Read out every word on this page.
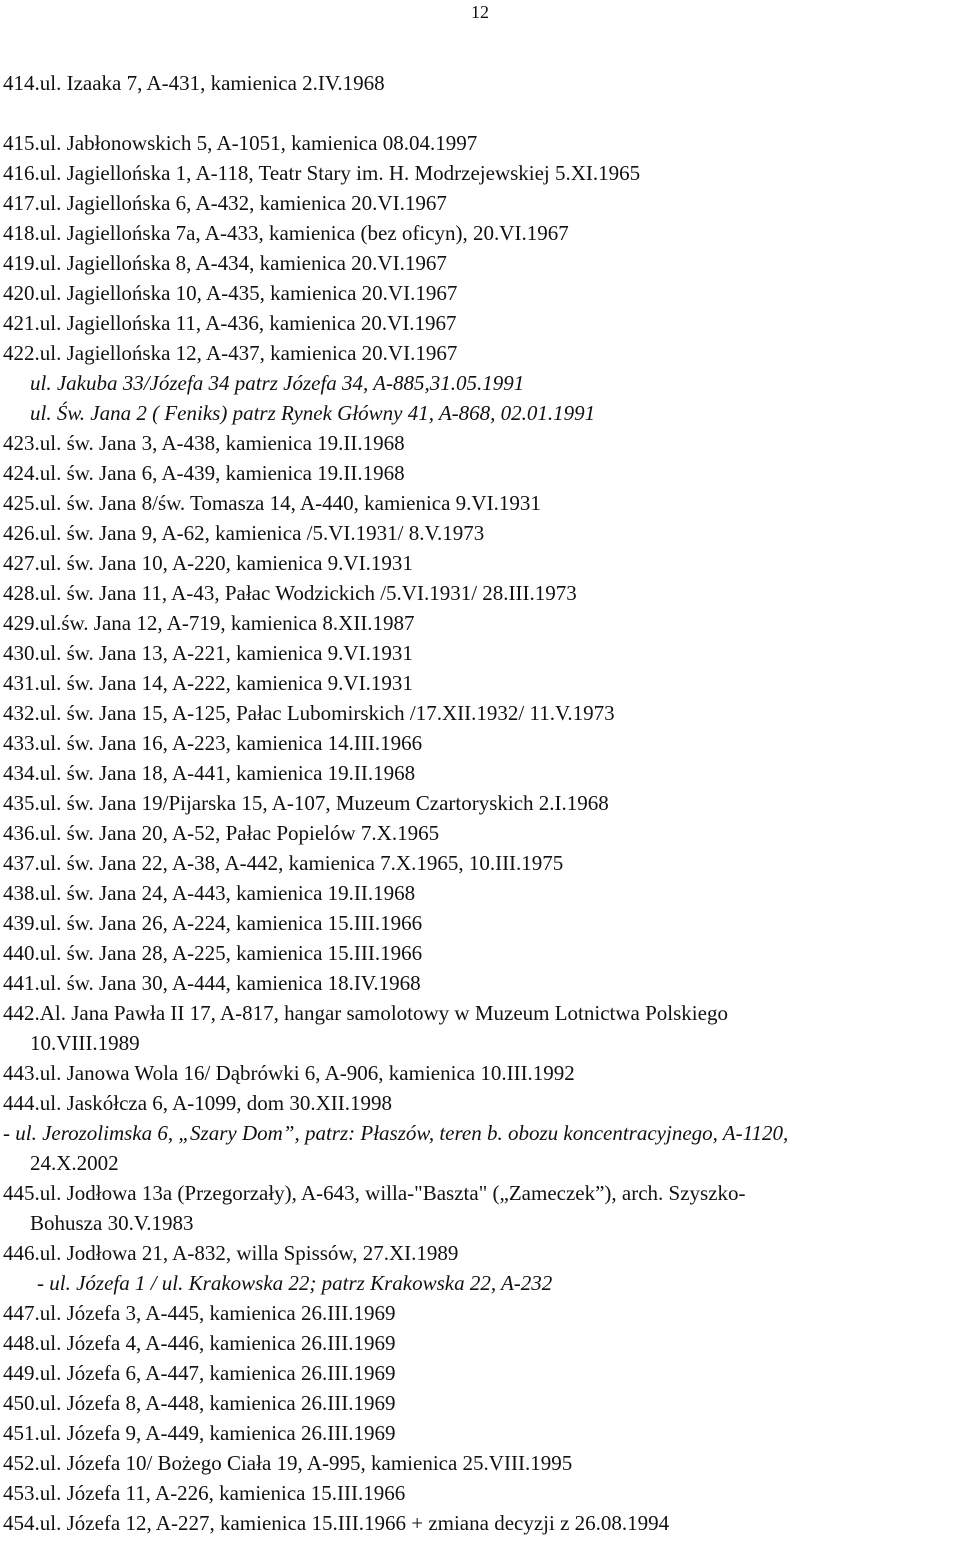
12
414.ul. Izaaka 7, A-431, kamienica 2.IV.1968
415.ul. Jabłonowskich 5, A-1051, kamienica 08.04.1997
416.ul. Jagiellońska 1, A-118, Teatr Stary im. H. Modrzejewskiej 5.XI.1965
417.ul. Jagiellońska 6, A-432, kamienica 20.VI.1967
418.ul. Jagiellońska 7a, A-433, kamienica (bez oficyn), 20.VI.1967
419.ul. Jagiellońska 8, A-434, kamienica 20.VI.1967
420.ul. Jagiellońska 10, A-435, kamienica 20.VI.1967
421.ul. Jagiellońska 11, A-436, kamienica 20.VI.1967
422.ul. Jagiellońska 12, A-437, kamienica 20.VI.1967
ul. Jakuba 33/Józefa 34 patrz Józefa 34, A-885,31.05.1991
ul. Św. Jana 2 ( Feniks) patrz Rynek Główny 41, A-868, 02.01.1991
423.ul. św. Jana 3, A-438, kamienica 19.II.1968
424.ul. św. Jana 6, A-439, kamienica 19.II.1968
425.ul. św. Jana 8/św. Tomasza 14, A-440, kamienica 9.VI.1931
426.ul. św. Jana 9, A-62, kamienica /5.VI.1931/ 8.V.1973
427.ul. św. Jana 10, A-220, kamienica 9.VI.1931
428.ul. św. Jana 11, A-43, Pałac Wodzickich /5.VI.1931/ 28.III.1973
429.ul.św. Jana 12, A-719, kamienica 8.XII.1987
430.ul. św. Jana 13, A-221, kamienica 9.VI.1931
431.ul. św. Jana 14, A-222, kamienica 9.VI.1931
432.ul. św. Jana 15, A-125, Pałac Lubomirskich /17.XII.1932/ 11.V.1973
433.ul. św. Jana 16, A-223, kamienica 14.III.1966
434.ul. św. Jana 18, A-441, kamienica 19.II.1968
435.ul. św. Jana 19/Pijarska 15, A-107, Muzeum Czartoryskich 2.I.1968
436.ul. św. Jana 20, A-52, Pałac Popielów 7.X.1965
437.ul. św. Jana 22, A-38, A-442, kamienica 7.X.1965, 10.III.1975
438.ul. św. Jana 24, A-443, kamienica 19.II.1968
439.ul. św. Jana 26, A-224, kamienica 15.III.1966
440.ul. św. Jana 28, A-225, kamienica 15.III.1966
441.ul. św. Jana 30, A-444, kamienica 18.IV.1968
442.Al. Jana Pawła II 17, A-817, hangar samolotowy w Muzeum Lotnictwa Polskiego
10.VIII.1989
443.ul. Janowa Wola 16/ Dąbrówki 6, A-906, kamienica 10.III.1992
444.ul. Jaskółcza 6, A-1099, dom 30.XII.1998
- ul. Jerozolimska 6, „Szary Dom”, patrz: Płaszów, teren b. obozu koncentracyjnego, A-1120,
24.X.2002
445.ul. Jodłowa 13a (Przegorzały), A-643, willa-"Baszta" („Zameczek”), arch. Szyszko-
Bohusza 30.V.1983
446.ul. Jodłowa 21, A-832, willa Spissów, 27.XI.1989
- ul. Józefa 1 / ul. Krakowska 22; patrz Krakowska 22, A-232
447.ul. Józefa 3, A-445, kamienica 26.III.1969
448.ul. Józefa 4, A-446, kamienica 26.III.1969
449.ul. Józefa 6, A-447, kamienica 26.III.1969
450.ul. Józefa 8, A-448, kamienica 26.III.1969
451.ul. Józefa 9, A-449, kamienica 26.III.1969
452.ul. Józefa 10/ Bożego Ciała 19, A-995, kamienica 25.VIII.1995
453.ul. Józefa 11, A-226, kamienica 15.III.1966
454.ul. Józefa 12, A-227, kamienica 15.III.1966 + zmiana decyzji z 26.08.1994
